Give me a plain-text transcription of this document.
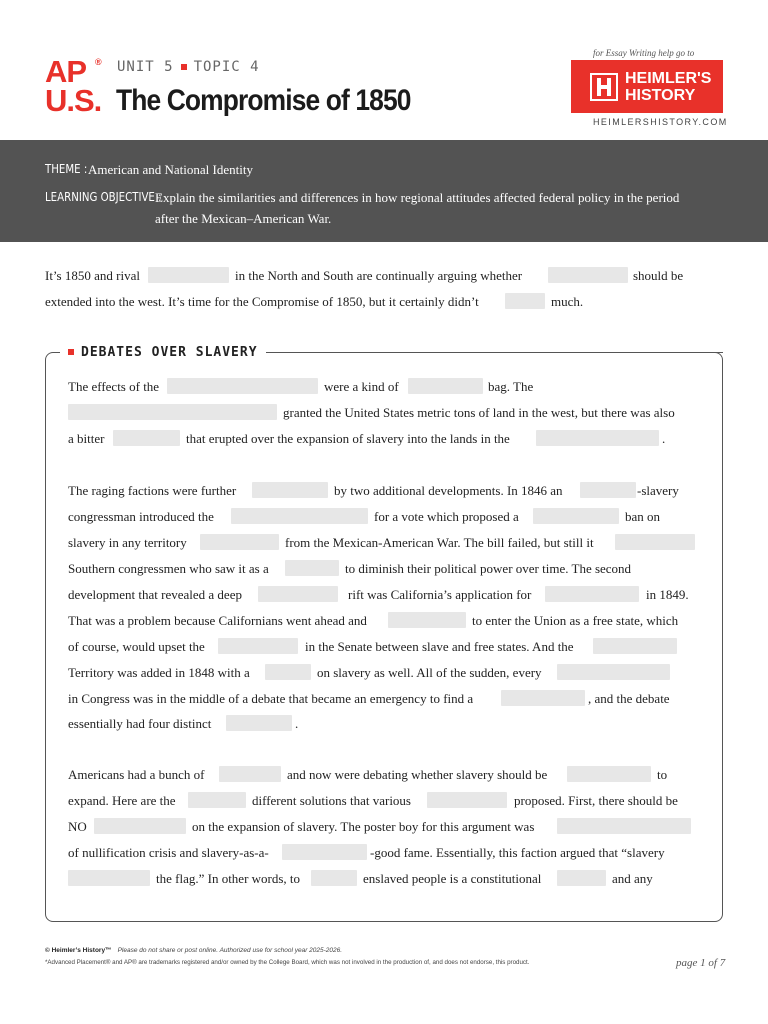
AP ®
U.S.
UNIT 5 TOPIC 4
The Compromise of 1850
for Essay Writing help go to
HEIMLER'S
HISTORY
HEIMLERSHISTORY.COM
THEME : American and National Identity
LEARNING OBJECTIVE :
Explain the similarities and differences in how regional attitudes affected federal policy in the period
after the Mexican–American War.
It’s 1850 and rival	in the North and South are continually arguing whether	should be
extended into the west. It’s time for the Compromise of 1850, but it certainly didn’t	much.
DEBATES OVER SLAVERY
The effects of the	were a kind of	bag. The
granted the United States metric tons of land in the west, but there was also
a bitter	that erupted over the expansion of slavery into the lands in the	.
The raging factions were further	by two additional developments. In 1846 an	-slavery
congressman introduced the	for a vote which proposed a	ban on
slavery in any territory	from the Mexican-American War. The bill failed, but still it
Southern congressmen who saw it as a	to diminish their political power over time. The second
development that revealed a deep	rift was California’s application for	in 1849.
That was a problem because Californians went ahead and	to enter the Union as a free state, which
of course, would upset the	in the Senate between slave and free states. And the
Territory was added in 1848 with a	on slavery as well. All of the sudden, every
in Congress was in the middle of a debate that became an emergency to find a	, and the debate
essentially had four distinct	.
Americans had a bunch of	and now were debating whether slavery should be	to
expand. Here are the	different solutions that various	proposed. First, there should be
NO	on the expansion of slavery. The poster boy for this argument was
of nullification crisis and slavery-as-a-	-good fame. Essentially, this faction argued that “slavery
the flag.” In other words, to	enslaved people is a constitutional	and any
© Heimler’s History™ Please do not share or post online. Authorized use for school year 2025-2026.
*Advanced Placement® and AP® are trademarks registered and/or owned by the College Board, which was not involved in the production of, and does not endorse, this product.	page 1 of 7
